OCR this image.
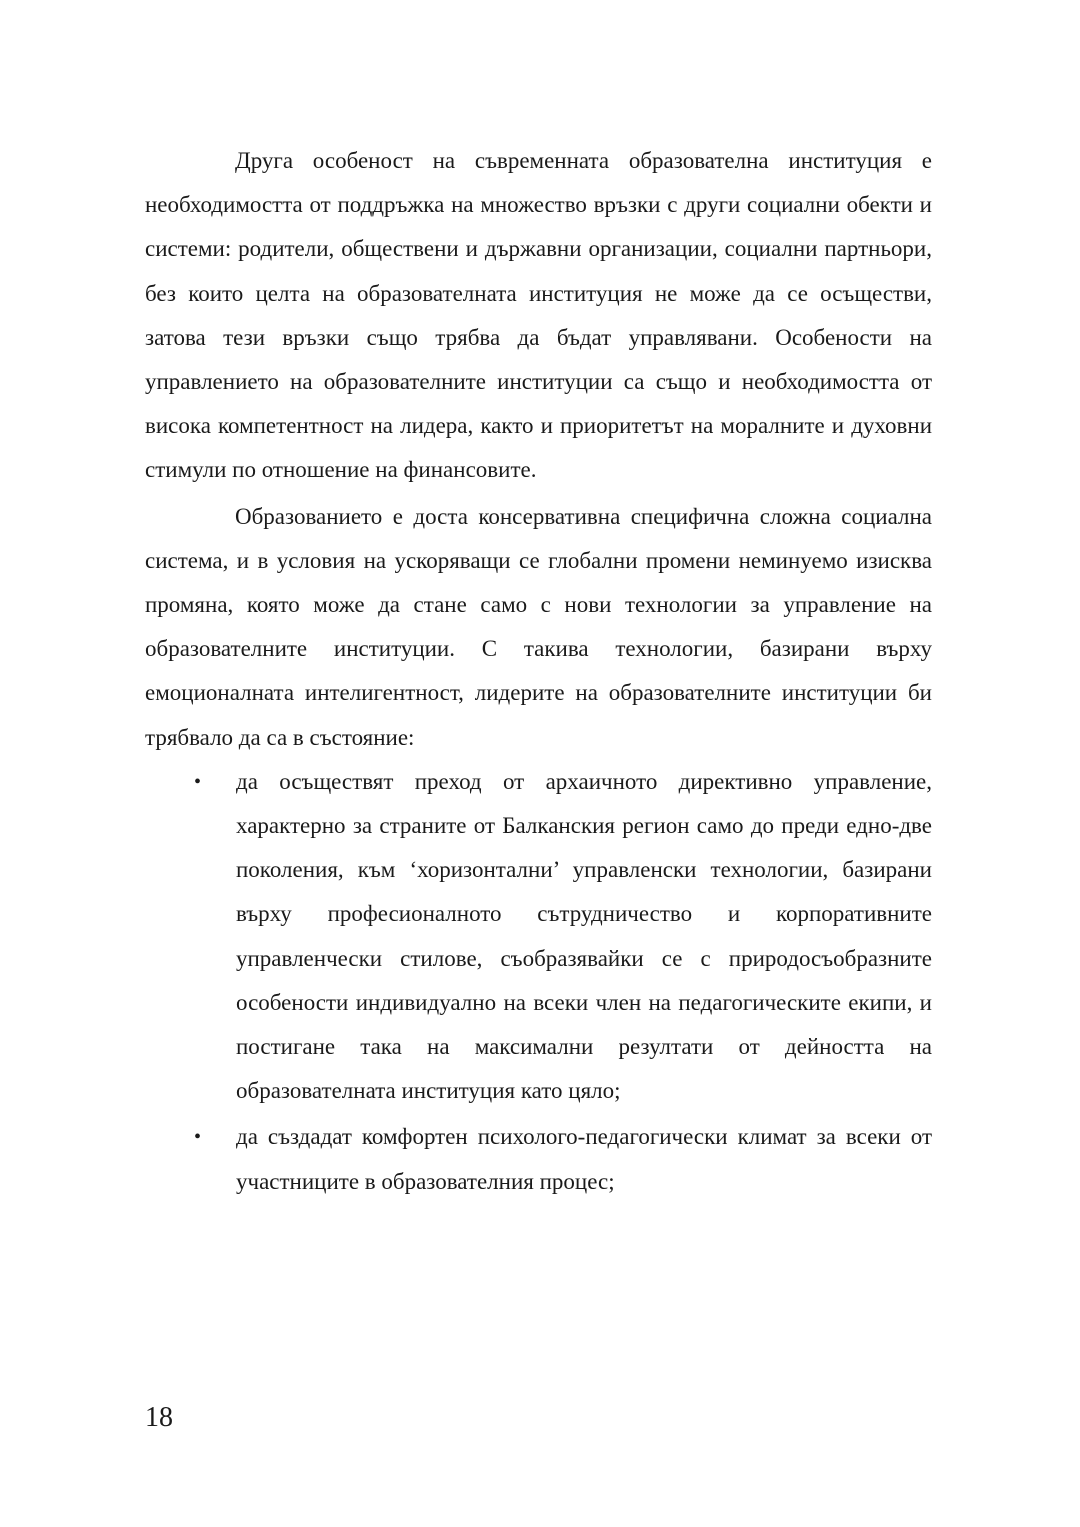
Друга особеност на съвременната образователна институция е необходимостта от поддръжка на множество връзки с други социални обекти и системи: родители, обществени и държавни организации, социални партньори, без които целта на образователната институция не може да се осъществи, затова тези връзки също трябва да бъдат управлявани. Особености на управлението на образователните институции са също и необходимостта от висока компетентност на лидера, както и приоритетът на моралните и духовни стимули по отношение на финансовите.

Образованието е доста консервативна специфична сложна социална система, и в условия на ускоряващи се глобални промени неминуемо изисква промяна, която може да стане само с нови технологии за управление на образователните институции. С такива технологии, базирани върху емоционалната интелигентност, лидерите на образователните институции би трябвало да са в състояние:

• да осъществят преход от архаичното директивно управление, характерно за страните от Балканския регион само до преди едно-две поколения, към ‘хоризонтални’ управленски технологии, базирани върху професионалното сътрудничество и корпоративните управленчески стилове, съобразявайки се с природосъобразните особености индивидуално на всеки член на педагогическите екипи, и постигане така на максимални резултати от дейността на образователната институция като цяло;
• да създадат комфортен психолого-педагогически климат за всеки от участниците в образователния процес;
18
